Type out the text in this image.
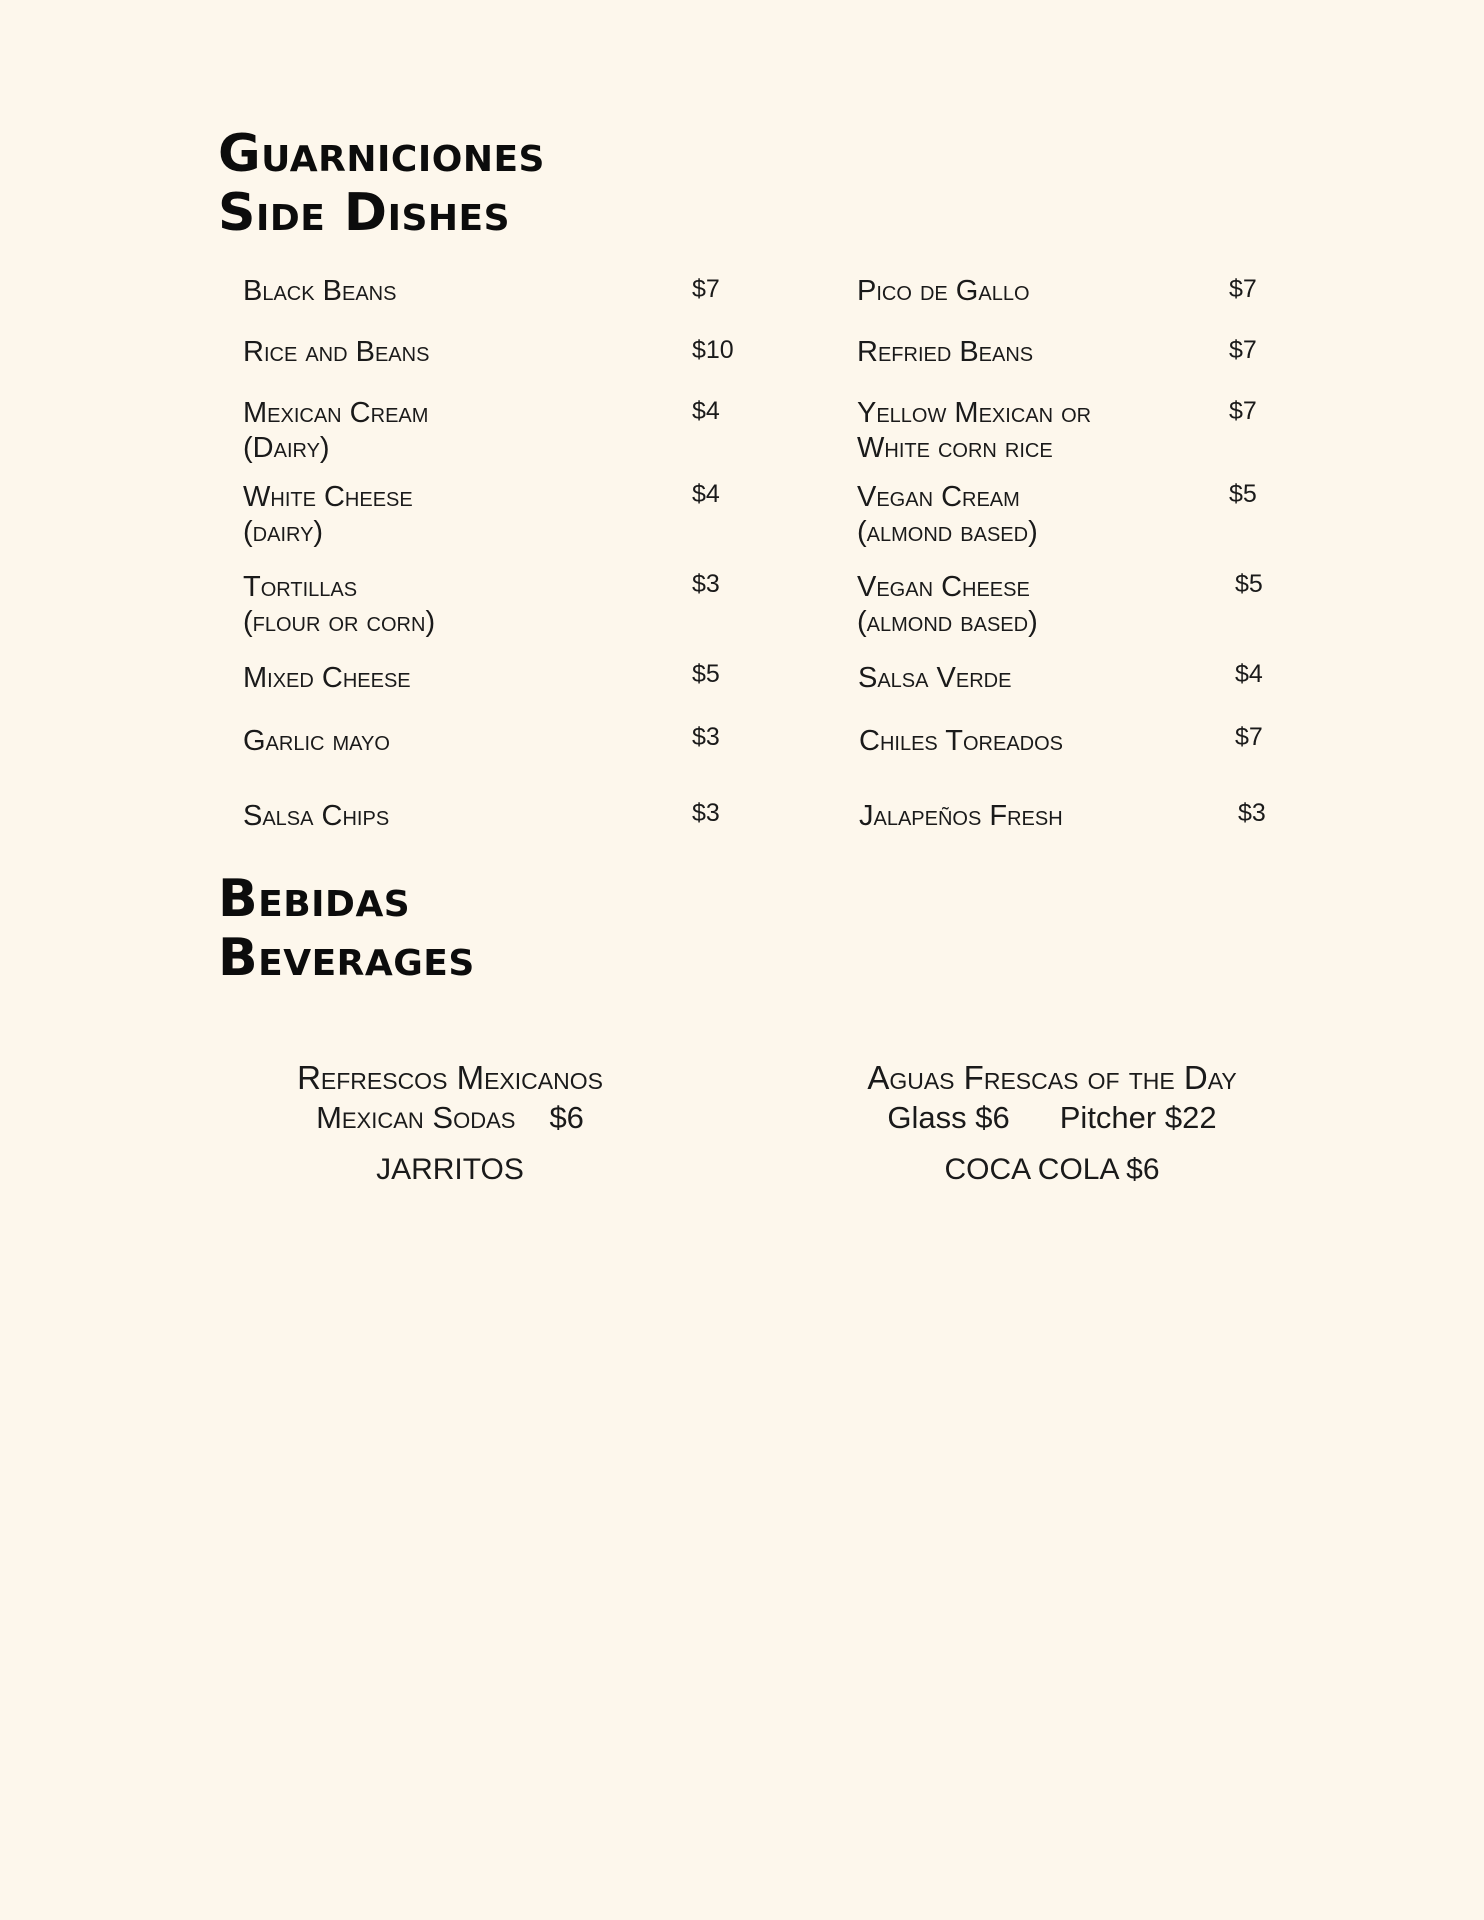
Guarniciones
Side Dishes
Black Beans	$7
Rice and Beans	$10
Mexican Cream
(Dairy)
$4
White Cheese
(dairy)
$4
Tortillas
(flour or corn)
$3
Mixed Cheese	$5
Garlic mayo	$3
Salsa Chips	$3
Pico de Gallo	$7
Refried Beans	$7
Yellow Mexican or
White corn rice
$7
Vegan Cream
(almond based)
$5
Vegan Cheese
(almond based)
$5
Salsa Verde	$4
Chiles Toreados	$7
Jalapeños Fresh	$3
Bebidas
Beverages
Refrescos Mexicanos
Mexican Sodas $6
JARRITOS
Aguas Frescas of the Day
Glass $6 Pitcher $22
COCA COLA $6
